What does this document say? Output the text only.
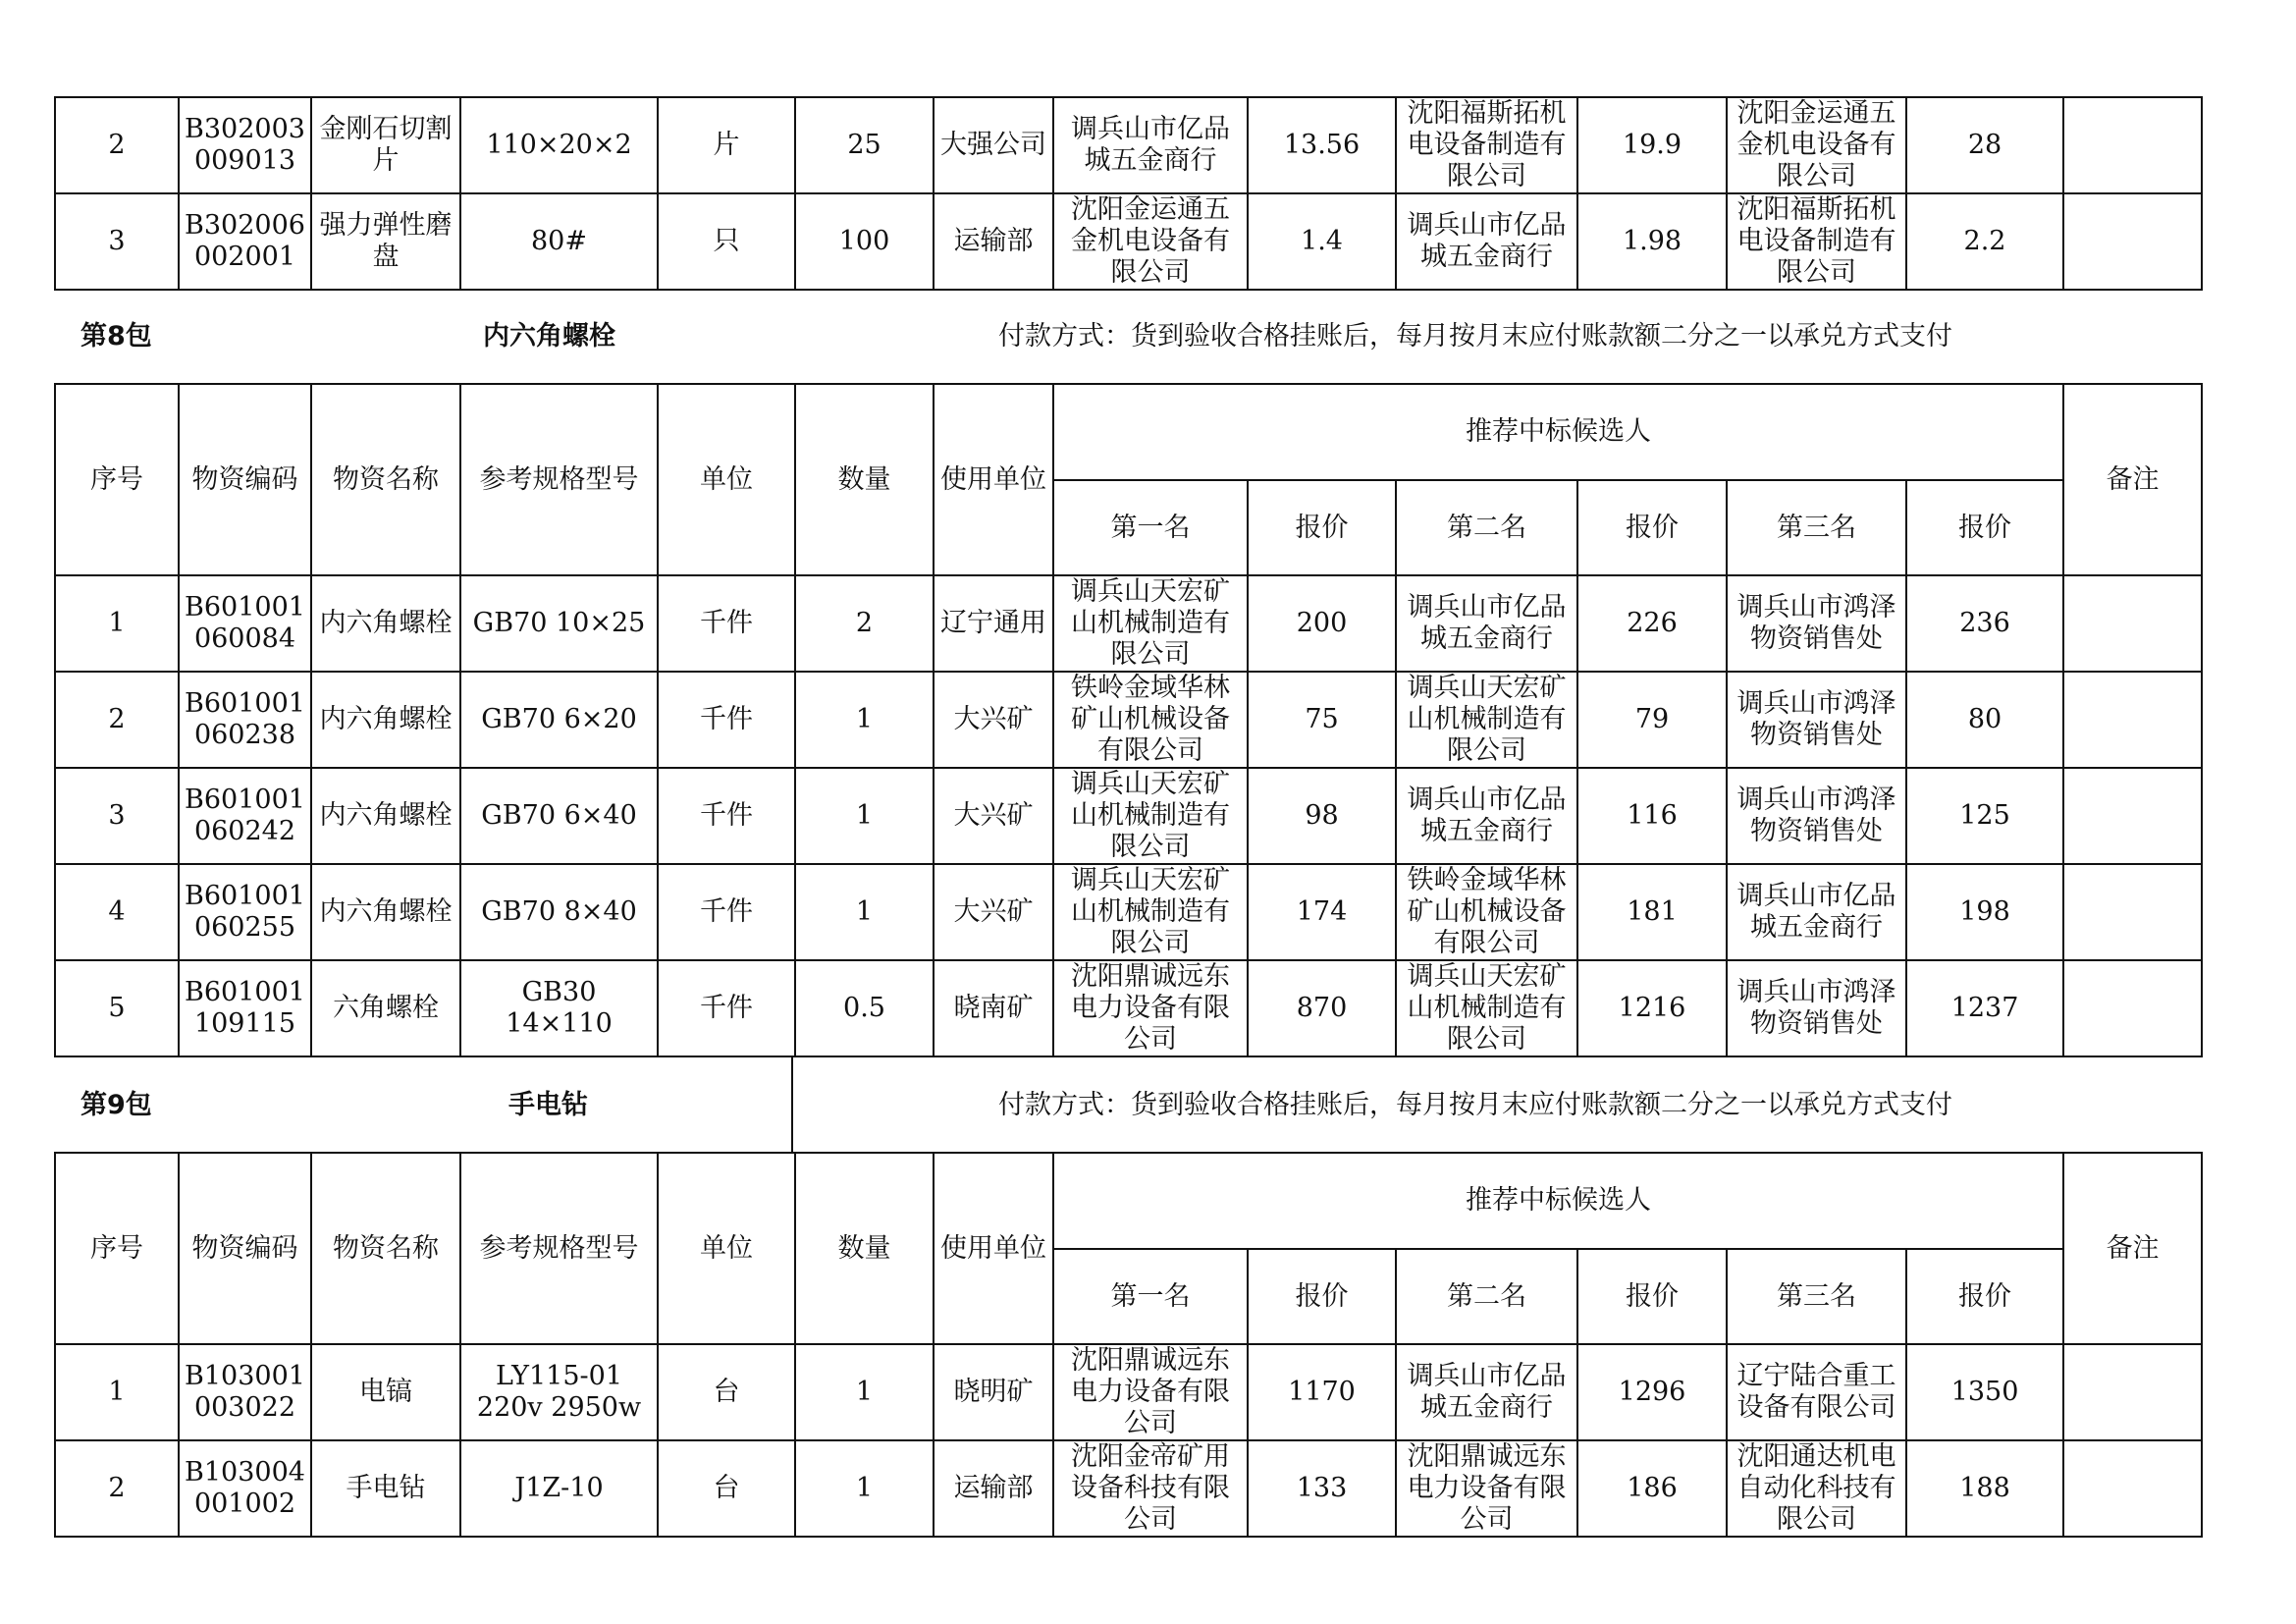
2	B302003009013	金刚石切割片	110×20×2	片	25	大强公司	调兵山市亿品城五金商行	13.56	沈阳福斯拓机电设备制造有限公司	19.9	沈阳金运通五金机电设备有限公司	28	
3	B302006002001	强力弹性磨盘	80#	只	100	运输部	沈阳金运通五金机电设备有限公司	1.4	调兵山市亿品城五金商行	1.98	沈阳福斯拓机电设备制造有限公司	2.2	
第8包	内六角螺栓	付款方式：货到验收合格挂账后，每月按月末应付账款额二分之一以承兑方式支付
序号	物资编码	物资名称	参考规格型号	单位	数量	使用单位	推荐中标候选人						备注
							第一名	报价	第二名	报价	第三名	报价	
1	B601001060084	内六角螺栓	GB70 10×25	千件	2	辽宁通用	调兵山天宏矿山机械制造有限公司	200	调兵山市亿品城五金商行	226	调兵山市鸿泽物资销售处	236	
2	B601001060238	内六角螺栓	GB70 6×20	千件	1	大兴矿	铁岭金域华林矿山机械设备有限公司	75	调兵山天宏矿山机械制造有限公司	79	调兵山市鸿泽物资销售处	80	
3	B601001060242	内六角螺栓	GB70 6×40	千件	1	大兴矿	调兵山天宏矿山机械制造有限公司	98	调兵山市亿品城五金商行	116	调兵山市鸿泽物资销售处	125	
4	B601001060255	内六角螺栓	GB70 8×40	千件	1	大兴矿	调兵山天宏矿山机械制造有限公司	174	铁岭金域华林矿山机械设备有限公司	181	调兵山市亿品城五金商行	198	
5	B601001109115	六角螺栓	GB30 14×110	千件	0.5	晓南矿	沈阳鼎诚远东电力设备有限公司	870	调兵山天宏矿山机械制造有限公司	1216	调兵山市鸿泽物资销售处	1237	
第9包	手电钻	付款方式：货到验收合格挂账后，每月按月末应付账款额二分之一以承兑方式支付
序号	物资编码	物资名称	参考规格型号	单位	数量	使用单位	推荐中标候选人						备注
							第一名	报价	第二名	报价	第三名	报价	
1	B103001003022	电镐	LY115-01 220v 2950w	台	1	晓明矿	沈阳鼎诚远东电力设备有限公司	1170	调兵山市亿品城五金商行	1296	辽宁陆合重工设备有限公司	1350	
2	B103004001002	手电钻	J1Z-10	台	1	运输部	沈阳金帝矿用设备科技有限公司	133	沈阳鼎诚远东电力设备有限公司	186	沈阳通达机电自动化科技有限公司	188	
